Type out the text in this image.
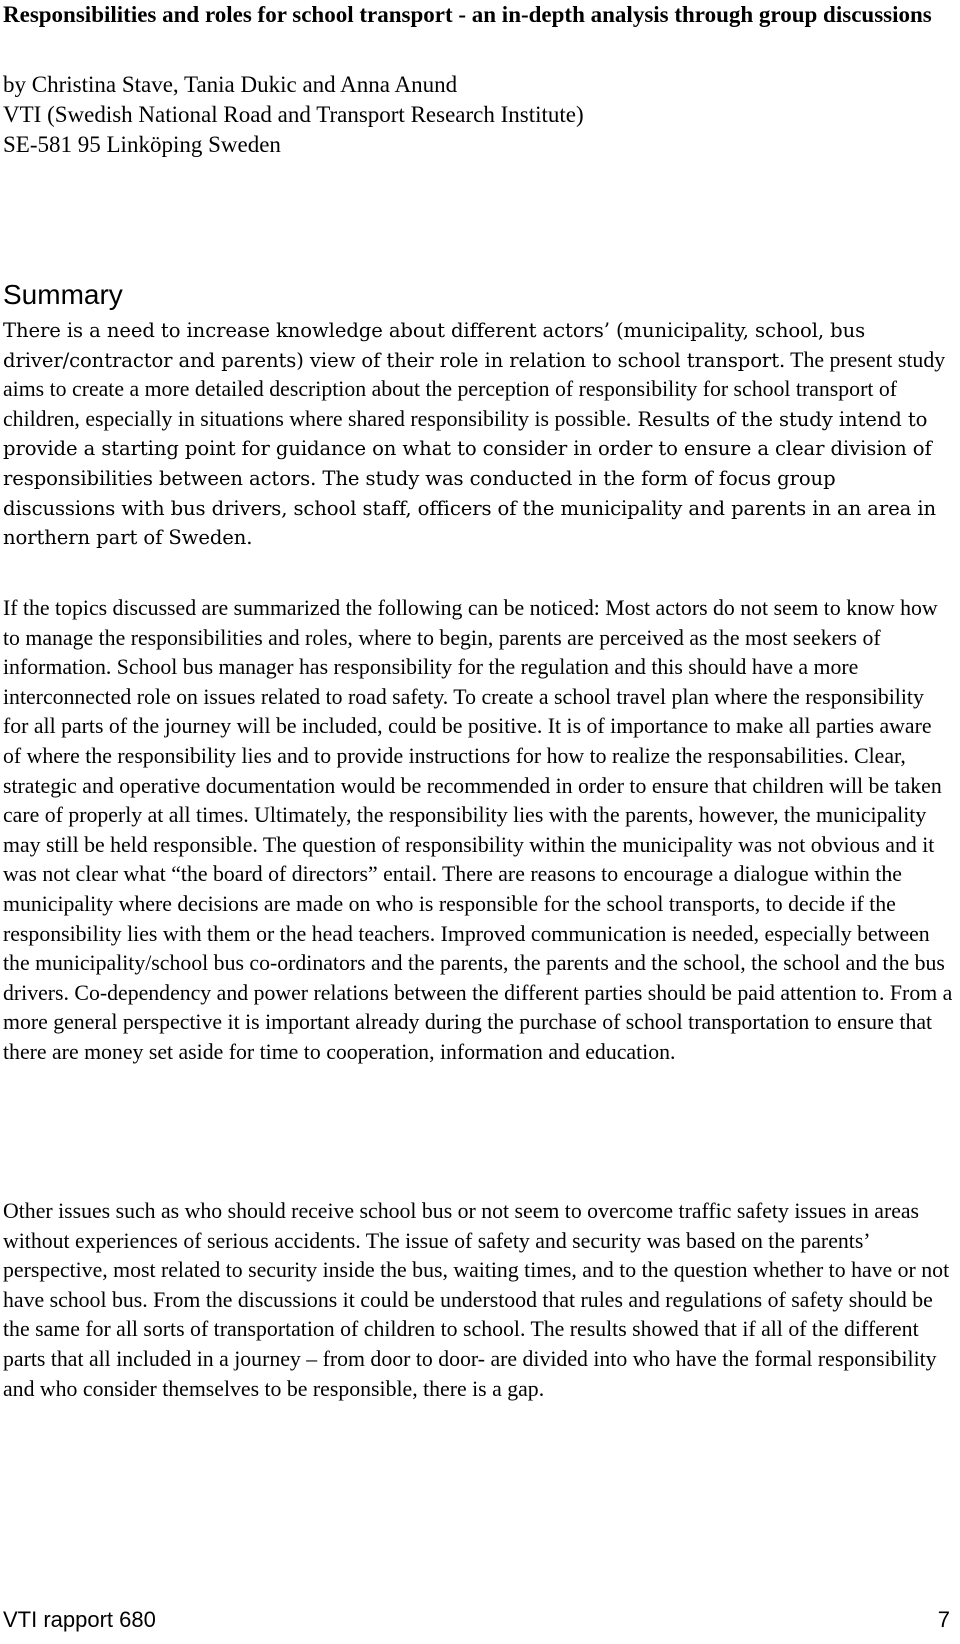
Responsibilities and roles for school transport - an in-depth analysis through group discussions
by Christina Stave, Tania Dukic and Anna Anund
VTI (Swedish National Road and Transport Research Institute)
SE-581 95 Linköping Sweden
Summary

There is a need to increase knowledge about different actors’ (municipality, school, bus driver/contractor and parents) view of their role in relation to school transport. The present study aims to create a more detailed description about the perception of responsibility for school transport of children, especially in situations where shared responsibility is possible. Results of the study intend to provide a starting point for guidance on what to consider in order to ensure a clear division of responsibilities between actors. The study was conducted in the form of focus group discussions with bus drivers, school staff, officers of the municipality and parents in an area in northern part of Sweden.

If the topics discussed are summarized the following can be noticed: Most actors do not seem to know how to manage the responsibilities and roles, where to begin, parents are perceived as the most seekers of information. School bus manager has responsibility for the regulation and this should have a more interconnected role on issues related to road safety. To create a school travel plan where the responsibility for all parts of the journey will be included, could be positive. It is of importance to make all parties aware of where the responsibility lies and to provide instructions for how to realize the responsabilities. Clear, strategic and operative documentation would be recommended in order to ensure that children will be taken care of properly at all times. Ultimately, the responsibility lies with the parents, however, the municipality may still be held responsible. The question of responsibility within the municipality was not obvious and it was not clear what “the board of directors” entail. There are reasons to encourage a dialogue within the municipality where decisions are made on who is responsible for the school transports, to decide if the responsibility lies with them or the head teachers. Improved communication is needed, especially between the municipality/school bus co-ordinators and the parents, the parents and the school, the school and the bus drivers. Co-dependency and power relations between the different parties should be paid attention to. From a more general perspective it is important already during the purchase of school transportation to ensure that there are money set aside for time to cooperation, information and education.

Other issues such as who should receive school bus or not seem to overcome traffic safety issues in areas without experiences of serious accidents. The issue of safety and security was based on the parents’ perspective, most related to security inside the bus, waiting times, and to the question whether to have or not have school bus. From the discussions it could be understood that rules and regulations of safety should be the same for all sorts of transportation of children to school. The results showed that if all of the different parts that all included in a journey – from door to door- are divided into who have the formal responsibility and who consider themselves to be responsible, there is a gap.

VTI rapport 680	7
